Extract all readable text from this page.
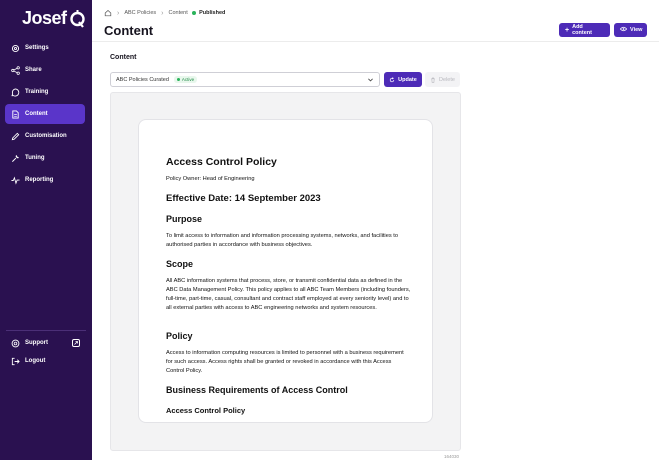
Josef
Settings
Share
Training
Content
Customisation
Tuning
Reporting
Support
Logout
› ABC Policies › Content Published
Content	+ Add content	View
Content
ABC Policies Curated	Active	Update	Delete
Access Control Policy
Policy Owner: Head of Engineering
Effective Date: 14 September 2023
Purpose
To limit access to information and information processing systems, networks, and facilities to authorised parties in accordance with business objectives.
Scope
All ABC information systems that process, store, or transmit confidential data as defined in the ABC Data Management Policy. This policy applies to all ABC Team Members (including founders, full-time, part-time, casual, consultant and contract staff employed at every seniority level) and to all external parties with access to ABC engineering networks and system resources.
Policy
Access to information computing resources is limited to personnel with a business requirement for such access. Access rights shall be granted or revoked in accordance with this Access Control Policy.
Business Requirements of Access Control
Access Control Policy
164030
